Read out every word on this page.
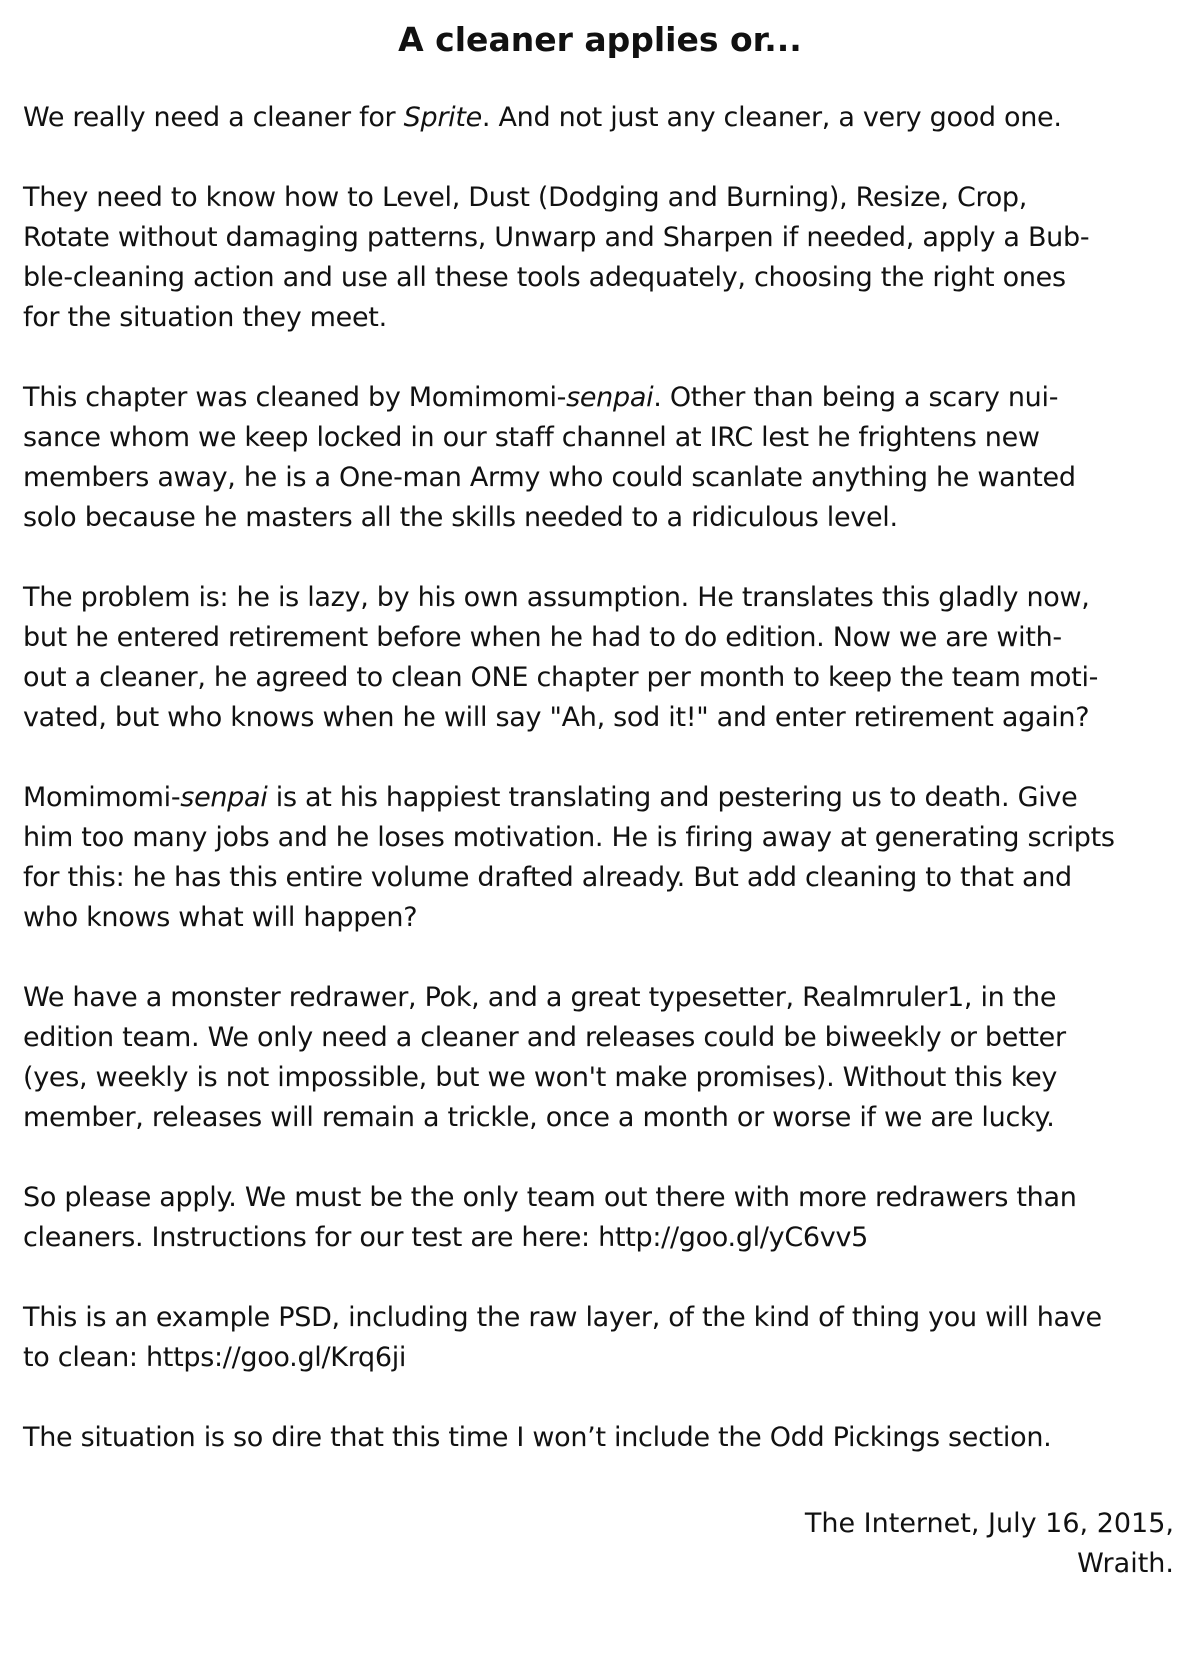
A cleaner applies or...

We really need a cleaner for Sprite. And not just any cleaner, a very good one.

They need to know how to Level, Dust (Dodging and Burning), Resize, Crop,
Rotate without damaging patterns, Unwarp and Sharpen if needed, apply a Bub-
ble-cleaning action and use all these tools adequately, choosing the right ones
for the situation they meet.

This chapter was cleaned by Momimomi-senpai. Other than being a scary nui-
sance whom we keep locked in our staff channel at IRC lest he frightens new
members away, he is a One-man Army who could scanlate anything he wanted
solo because he masters all the skills needed to a ridiculous level.

The problem is: he is lazy, by his own assumption. He translates this gladly now,
but he entered retirement before when he had to do edition. Now we are with-
out a cleaner, he agreed to clean ONE chapter per month to keep the team moti-
vated, but who knows when he will say "Ah, sod it!" and enter retirement again?

Momimomi-senpai is at his happiest translating and pestering us to death. Give
him too many jobs and he loses motivation. He is firing away at generating scripts
for this: he has this entire volume drafted already. But add cleaning to that and
who knows what will happen?

We have a monster redrawer, Pok, and a great typesetter, Realmruler1, in the
edition team. We only need a cleaner and releases could be biweekly or better
(yes, weekly is not impossible, but we won't make promises). Without this key
member, releases will remain a trickle, once a month or worse if we are lucky.

So please apply. We must be the only team out there with more redrawers than
cleaners. Instructions for our test are here: http://goo.gl/yC6vv5

This is an example PSD, including the raw layer, of the kind of thing you will have
to clean: https://goo.gl/Krq6ji

The situation is so dire that this time I won’t include the Odd Pickings section.

The Internet, July 16, 2015,
Wraith.
